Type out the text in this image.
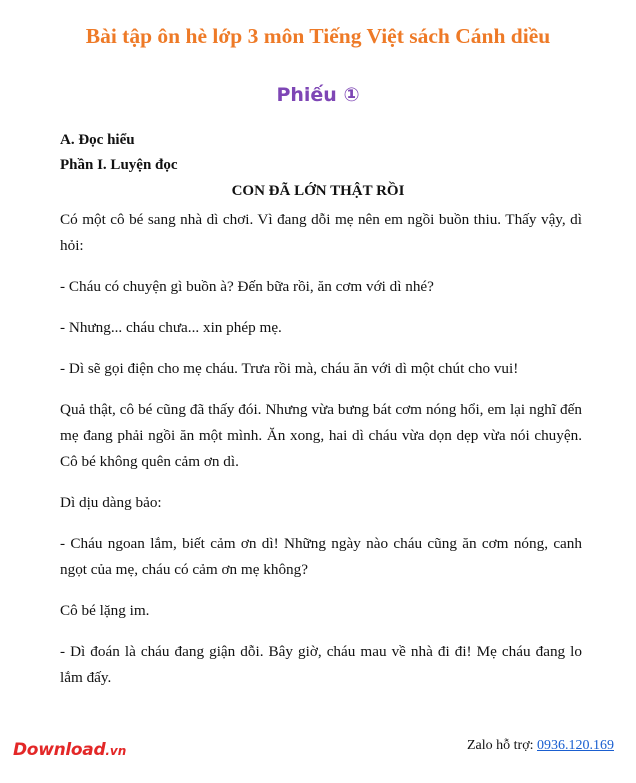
Bài tập ôn hè lớp 3 môn Tiếng Việt sách Cánh diều
Phiếu ①
A. Đọc hiểu
Phần I. Luyện đọc
CON ĐÃ LỚN THẬT RỒI

Có một cô bé sang nhà dì chơi. Vì đang dỗi mẹ nên em ngồi buồn thiu. Thấy vậy, dì hỏi:

- Cháu có chuyện gì buồn à? Đến bữa rồi, ăn cơm với dì nhé?

- Nhưng... cháu chưa... xin phép mẹ.

- Dì sẽ gọi điện cho mẹ cháu. Trưa rồi mà, cháu ăn với dì một chút cho vui!

Quả thật, cô bé cũng đã thấy đói. Nhưng vừa bưng bát cơm nóng hổi, em lại nghĩ đến mẹ đang phải ngồi ăn một mình. Ăn xong, hai dì cháu vừa dọn dẹp vừa nói chuyện. Cô bé không quên cảm ơn dì.

Dì dịu dàng bảo:

- Cháu ngoan lắm, biết cảm ơn dì! Những ngày nào cháu cũng ăn cơm nóng, canh ngọt của mẹ, cháu có cảm ơn mẹ không?

Cô bé lặng im.

- Dì đoán là cháu đang giận dỗi. Bây giờ, cháu mau về nhà đi đi! Mẹ cháu đang lo lắm đấy.

Download.vn	Zalo hỗ trợ: 0936.120.169
